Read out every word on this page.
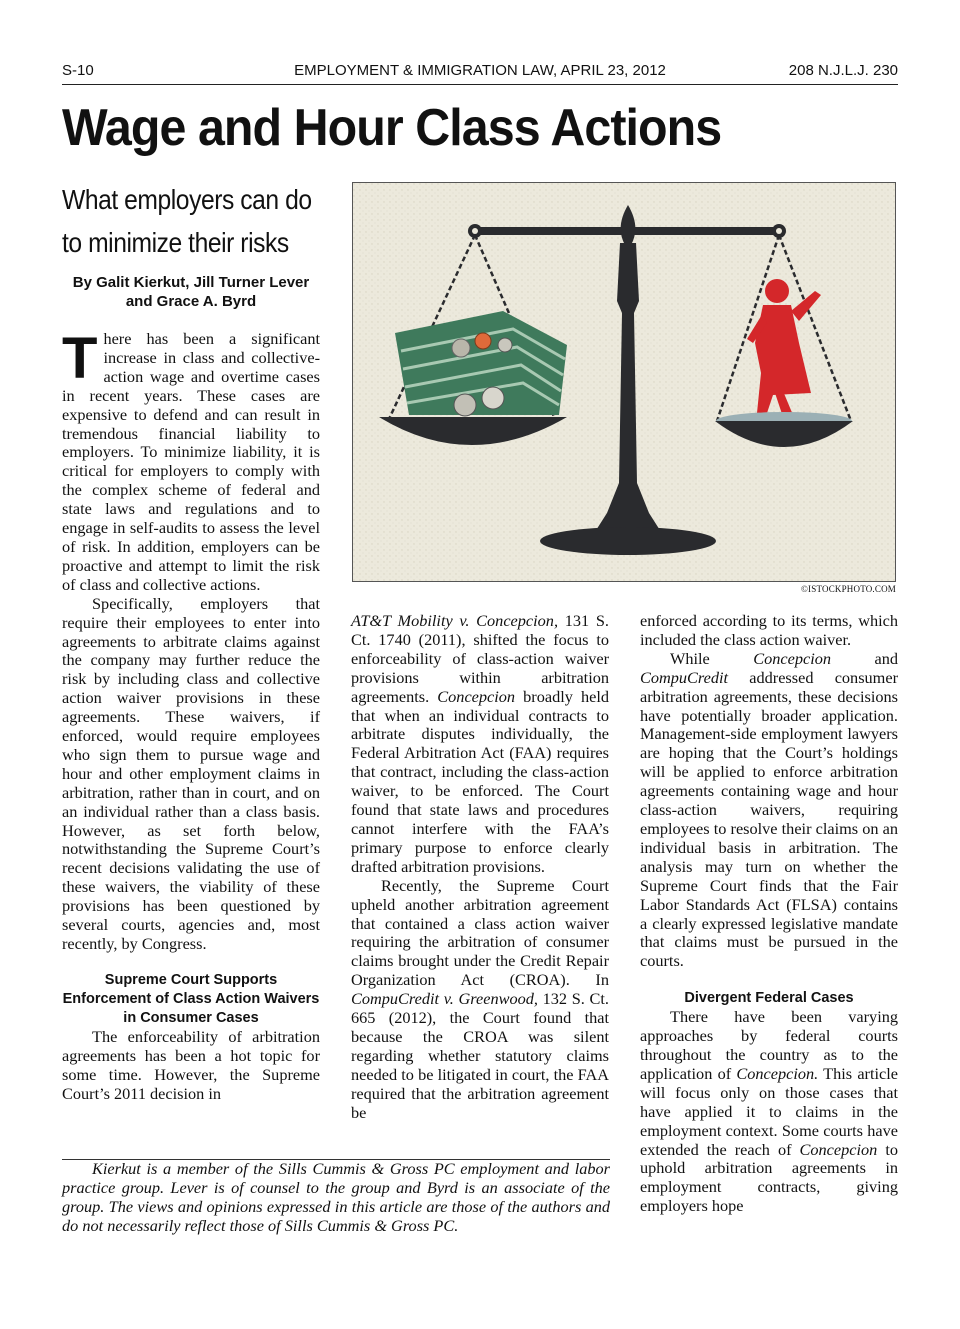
S-10	EMPLOYMENT & IMMIGRATION LAW, APRIL 23, 2012	208 N.J.L.J. 230
Wage and Hour Class Actions
What employers can do
to minimize their risks
By Galit Kierkut, Jill Turner Lever
and Grace A. Byrd
©ISTOCKPHOTO.COM

There has been a significant increase in class and collective-action wage and overtime cases in recent years. These cases are expensive to defend and can result in tremendous financial liability to employers. To minimize liability, it is critical for employers to comply with the complex scheme of federal and state laws and regulations and to engage in self-audits to assess the level of risk. In addition, employers can be proactive and attempt to limit the risk of class and collective actions.

Specifically, employers that require their employees to enter into agreements to arbitrate claims against the company may further reduce the risk by including class and collective action waiver provisions in these agreements. These waivers, if enforced, would require employees who sign them to pursue wage and hour and other employment claims in arbitration, rather than in court, and on an individual rather than a class basis. However, as set forth below, notwithstanding the Supreme Court’s recent decisions validating the use of these waivers, the viability of these provisions has been questioned by several courts, agencies and, most recently, by Congress.

Supreme Court Supports
Enforcement of Class Action Waivers
in Consumer Cases

The enforceability of arbitration agreements has been a hot topic for some time. However, the Supreme Court’s 2011 decision in

AT&T Mobility v. Concepcion, 131 S. Ct. 1740 (2011), shifted the focus to enforceability of class-action waiver provisions within arbitration agreements. Concepcion broadly held that when an individual contracts to arbitrate disputes individually, the Federal Arbitration Act (FAA) requires that contract, including the class-action waiver, to be enforced. The Court found that state laws and procedures cannot interfere with the FAA’s primary purpose to enforce clearly drafted arbitration provisions.

Recently, the Supreme Court upheld another arbitration agreement that contained a class action waiver requiring the arbitration of consumer claims brought under the Credit Repair Organization Act (CROA). In CompuCredit v. Greenwood, 132 S. Ct. 665 (2012), the Court found that because the CROA was silent regarding whether statutory claims needed to be litigated in court, the FAA required that the arbitration agreement be

enforced according to its terms, which included the class action waiver.

While Concepcion and CompuCredit addressed consumer arbitration agreements, these decisions have potentially broader application. Management-side employment lawyers are hoping that the Court’s holdings will be applied to enforce arbitration agreements containing wage and hour class-action waivers, requiring employees to resolve their claims on an individual basis in arbitration. The analysis may turn on whether the Supreme Court finds that the Fair Labor Standards Act (FLSA) contains a clearly expressed legislative mandate that claims must be pursued in the courts.

Divergent Federal Cases

There have been varying approaches by federal courts throughout the country as to the application of Concepcion. This article will focus only on those cases that have applied it to claims in the employment context. Some courts have extended the reach of Concepcion to uphold arbitration agreements in employment contracts, giving employers hope

Kierkut is a member of the Sills Cummis & Gross PC employment and labor practice group. Lever is of counsel to the group and Byrd is an associate of the group. The views and opinions expressed in this article are those of the authors and do not necessarily reflect those of Sills Cummis & Gross PC.
